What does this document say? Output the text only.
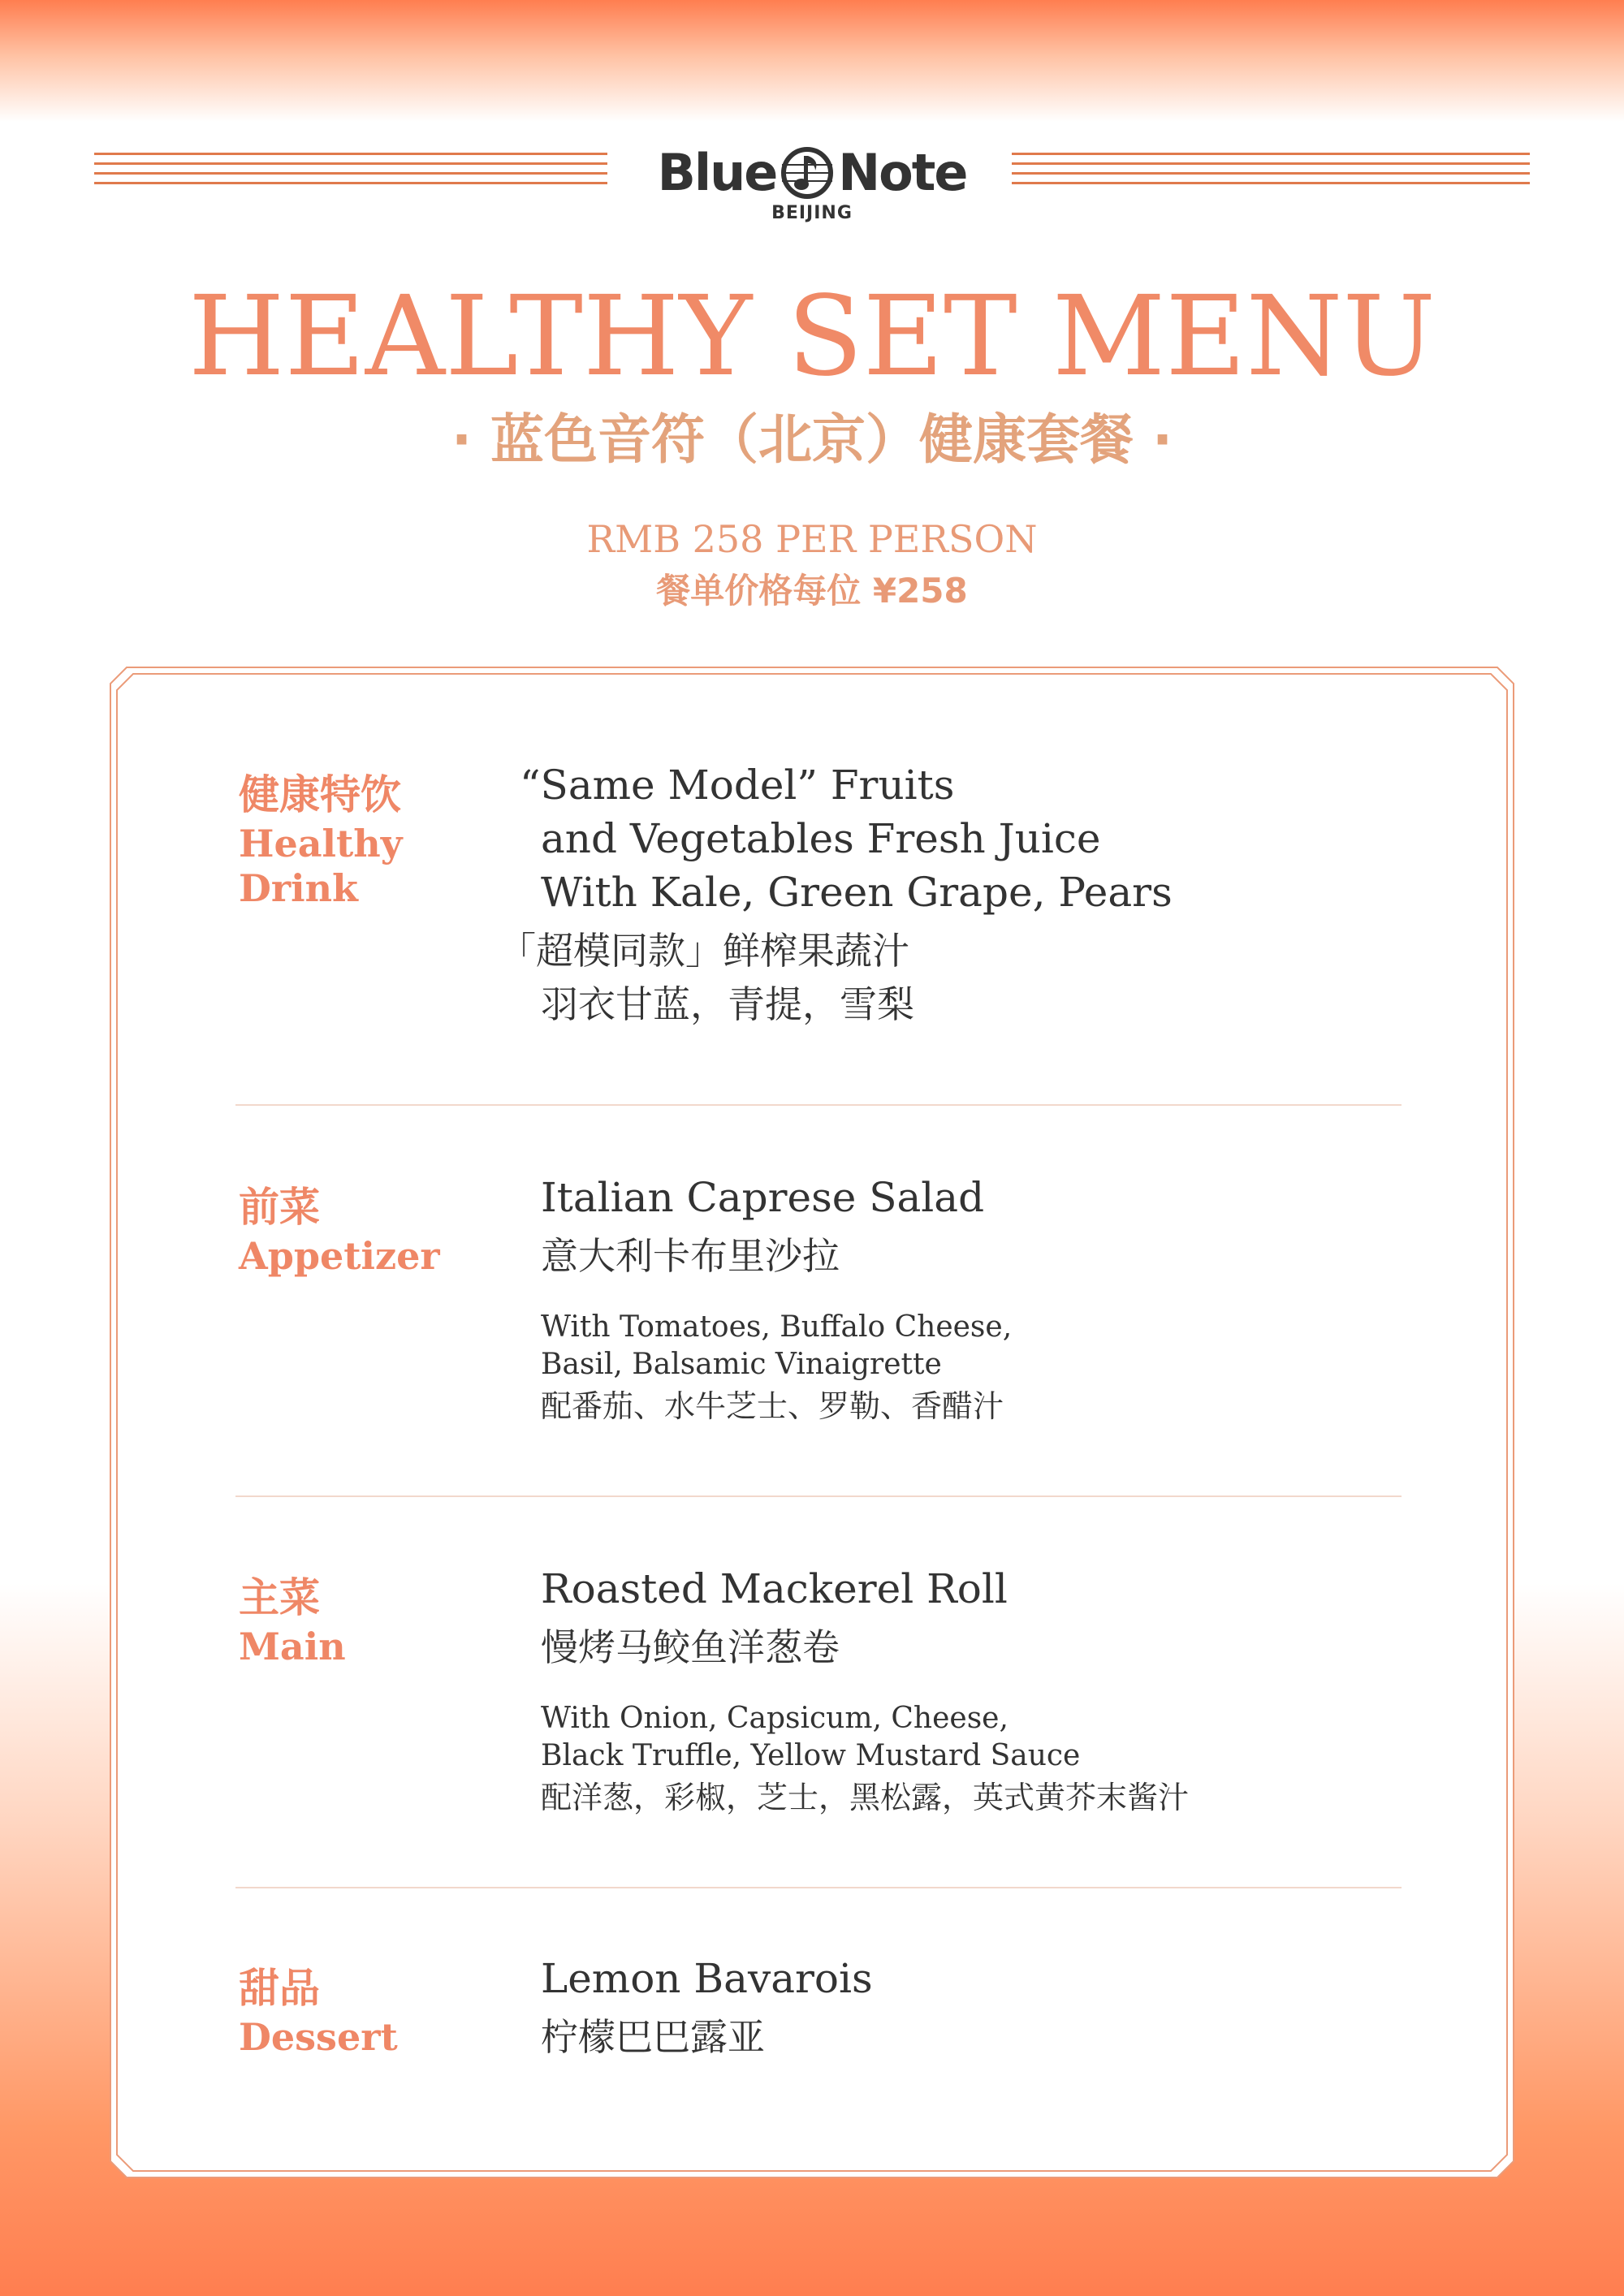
Blue Note
BEIJING
HEALTHY SET MENU
· 蓝色音符（北京）健康套餐 ·
RMB 258 PER PERSON
餐单价格每位 ¥258
健康特饮
Healthy
Drink
“Same Model” Fruits
and Vegetables Fresh Juice
With Kale, Green Grape, Pears
「超模同款」鲜榨果蔬汁
羽衣甘蓝，青提，雪梨
前菜
Appetizer
Italian Caprese Salad
意大利卡布里沙拉
With Tomatoes, Buffalo Cheese,
Basil, Balsamic Vinaigrette
配番茄、水牛芝士、罗勒、香醋汁
主菜
Main
Roasted Mackerel Roll
慢烤马鲛鱼洋葱卷
With Onion, Capsicum, Cheese,
Black Truffle, Yellow Mustard Sauce
配洋葱，彩椒，芝士，黑松露，英式黄芥末酱汁
甜品
Dessert
Lemon Bavarois
柠檬巴巴露亚
